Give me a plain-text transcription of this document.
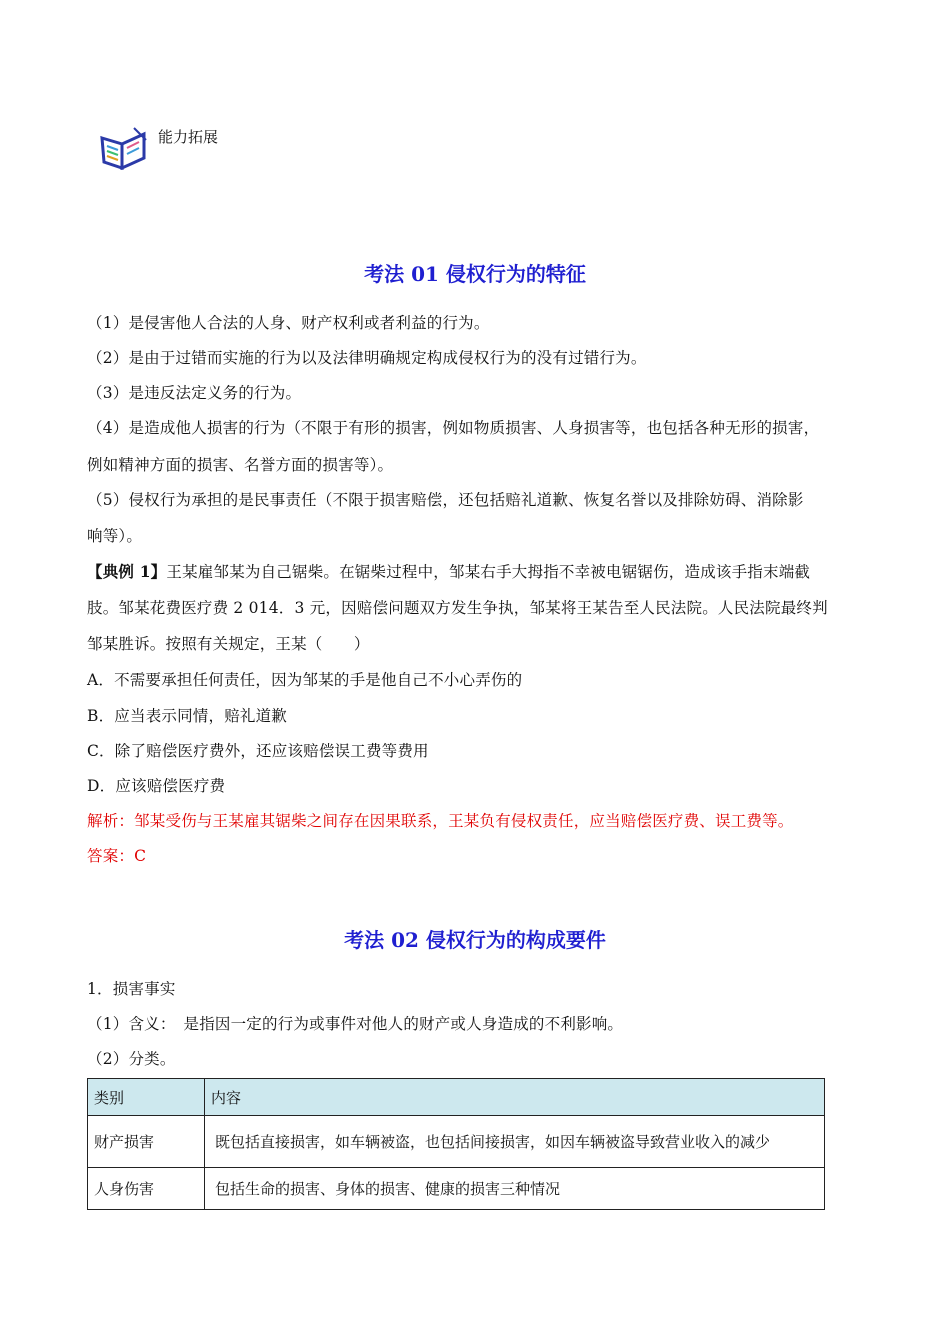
能力拓展
考法 01 侵权行为的特征
（1）是侵害他人合法的人身、财产权利或者利益的行为。
（2）是由于过错而实施的行为以及法律明确规定构成侵权行为的没有过错行为。
（3）是违反法定义务的行为。
（4）是造成他人损害的行为（不限于有形的损害，例如物质损害、人身损害等，也包括各种无形的损害，
例如精神方面的损害、名誉方面的损害等）。
（5）侵权行为承担的是民事责任（不限于损害赔偿，还包括赔礼道歉、恢复名誉以及排除妨碍、消除影
响等）。
【典例 1】王某雇邹某为自己锯柴。在锯柴过程中，邹某右手大拇指不幸被电锯锯伤，造成该手指末端截
肢。邹某花费医疗费 2 014．3 元，因赔偿问题双方发生争执，邹某将王某告至人民法院。人民法院最终判
邹某胜诉。按照有关规定，王某（　　）
A．不需要承担任何责任，因为邹某的手是他自己不小心弄伤的
B．应当表示同情，赔礼道歉
C．除了赔偿医疗费外，还应该赔偿误工费等费用
D．应该赔偿医疗费
解析：邹某受伤与王某雇其锯柴之间存在因果联系，王某负有侵权责任，应当赔偿医疗费、误工费等。
答案：C
考法 02 侵权行为的构成要件
1．损害事实
（1）含义：　是指因一定的行为或事件对他人的财产或人身造成的不利影响。
（2）分类。
类别	内容
财产损害	既包括直接损害，如车辆被盗，也包括间接损害，如因车辆被盗导致营业收入的减少
人身伤害	包括生命的损害、身体的损害、健康的损害三种情况
